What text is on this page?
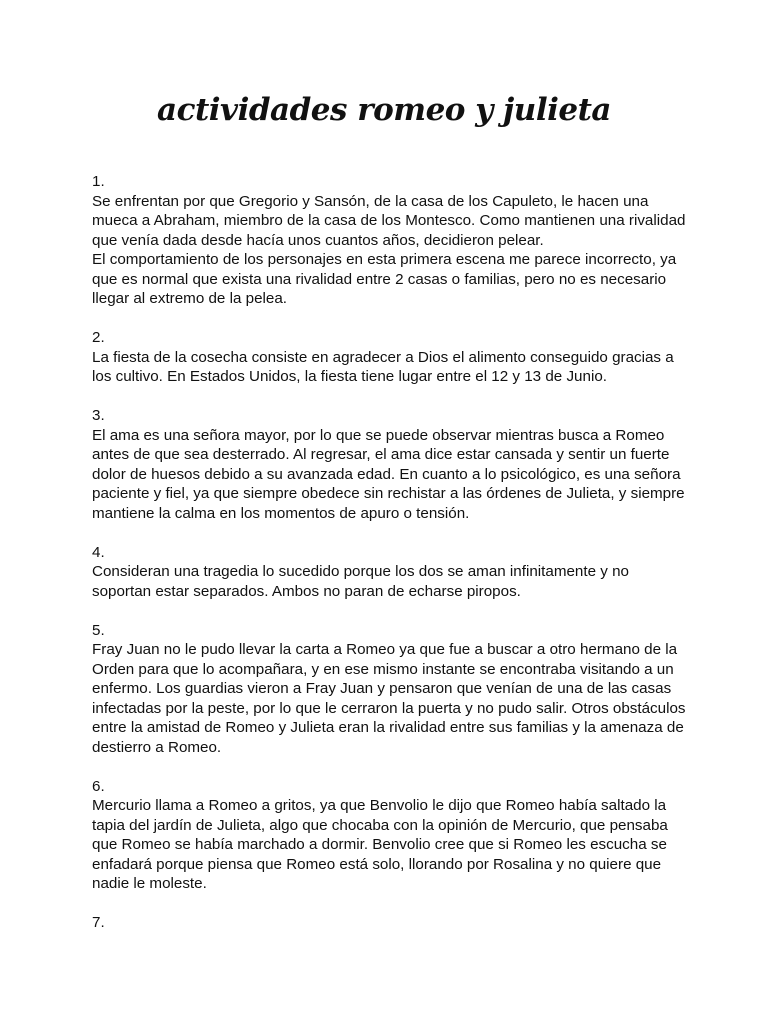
actividades romeo y julieta
1.

Se enfrentan por que Gregorio y Sansón, de la casa de los Capuleto, le hacen una mueca a Abraham, miembro de la casa de los Montesco. Como mantienen una rivalidad que venía dada desde hacía unos cuantos años, decidieron pelear.

El comportamiento de los personajes en esta primera escena me parece incorrecto, ya que es normal que exista una rivalidad entre 2 casas o familias, pero no es necesario llegar al extremo de la pelea.

2.

La fiesta de la cosecha consiste en agradecer a Dios el alimento conseguido gracias a los cultivo. En Estados Unidos, la fiesta tiene lugar entre el 12 y 13 de Junio.

3.

El ama es una señora mayor, por lo que se puede observar mientras busca a Romeo antes de que sea desterrado. Al regresar, el ama dice estar cansada y sentir un fuerte dolor de huesos debido a su avanzada edad. En cuanto a lo psicológico, es una señora paciente y fiel, ya que siempre obedece sin rechistar a las órdenes de Julieta, y siempre mantiene la calma en los momentos de apuro o tensión.

4.

Consideran una tragedia lo sucedido porque los dos se aman infinitamente y no soportan estar separados. Ambos no paran de echarse piropos.

5.

Fray Juan no le pudo llevar la carta a Romeo ya que fue a buscar a otro hermano de la Orden para que lo acompañara, y en ese mismo instante se encontraba visitando a un enfermo. Los guardias vieron a Fray Juan y pensaron que venían de una de las casas infectadas por la peste, por lo que le cerraron la puerta y no pudo salir. Otros obstáculos entre la amistad de Romeo y Julieta eran la rivalidad entre sus familias y la amenaza de destierro a Romeo.

6.

Mercurio llama a Romeo a gritos, ya que Benvolio le dijo que Romeo había saltado la tapia del jardín de Julieta, algo que chocaba con la opinión de Mercurio, que pensaba que Romeo se había marchado a dormir. Benvolio cree que si Romeo les escucha se enfadará porque piensa que Romeo está solo, llorando por Rosalina y no quiere que nadie le moleste.

7.
